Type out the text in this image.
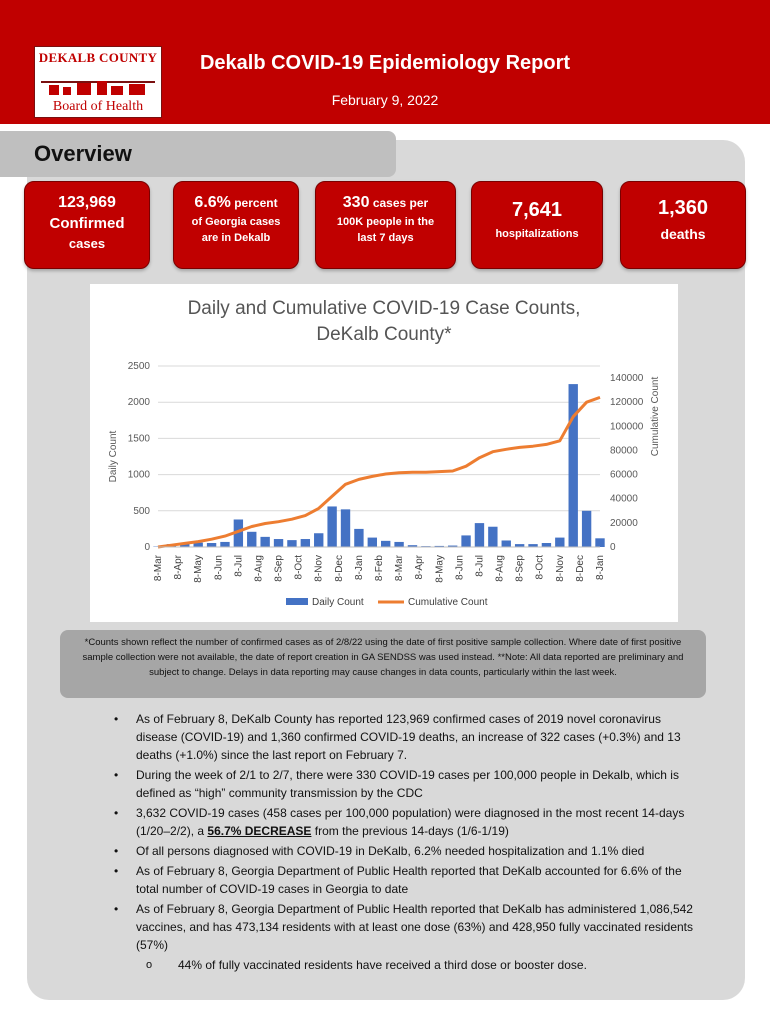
DEKALB COUNTY
Board of Health
Dekalb COVID-19 Epidemiology Report
February 9, 2022
Overview
123,969
Confirmed
cases
6.6% percent
of Georgia cases
are in Dekalb
330 cases per
100K people in the
last 7 days
7,641
hospitalizations
1,360
deaths
Daily and Cumulative COVID-19 Case Counts,
DeKalb County*
0
500
1000
1500
2000
2500
0
20000
40000
60000
80000
100000
120000
140000
Daily Count
Cumulative Count
8-Mar 8-Apr 8-May 8-Jun 8-Jul 8-Aug 8-Sep 8-Oct 8-Nov 8-Dec 8-Jan 8-Feb 8-Mar 8-Apr 8-May 8-Jun 8-Jul 8-Aug 8-Sep 8-Oct 8-Nov 8-Dec 8-Jan
Daily Count	Cumulative Count
*Counts shown reflect the number of confirmed cases as of 2/8/22 using the date of first positive sample collection. Where date of first positive sample collection were not available, the date of report creation in GA SENDSS was used instead. **Note: All data reported are preliminary and subject to change. Delays in data reporting may cause changes in data counts, particularly within the last week.
• As of February 8, DeKalb County has reported 123,969 confirmed cases of 2019 novel coronavirus disease (COVID-19) and 1,360 confirmed COVID-19 deaths, an increase of 322 cases (+0.3%) and 13 deaths (+1.0%) since the last report on February 7.
• During the week of 2/1 to 2/7, there were 330 COVID-19 cases per 100,000 people in Dekalb, which is defined as “high” community transmission by the CDC
• 3,632 COVID-19 cases (458 cases per 100,000 population) were diagnosed in the most recent 14-days (1/20–2/2), a 56.7% DECREASE from the previous 14-days (1/6-1/19)
• Of all persons diagnosed with COVID-19 in DeKalb, 6.2% needed hospitalization and 1.1% died
• As of February 8, Georgia Department of Public Health reported that DeKalb accounted for 6.6% of the total number of COVID-19 cases in Georgia to date
• As of February 8, Georgia Department of Public Health reported that DeKalb has administered 1,086,542 vaccines, and has 473,134 residents with at least one dose (63%) and 428,950 fully vaccinated residents (57%)
o 44% of fully vaccinated residents have received a third dose or booster dose.
